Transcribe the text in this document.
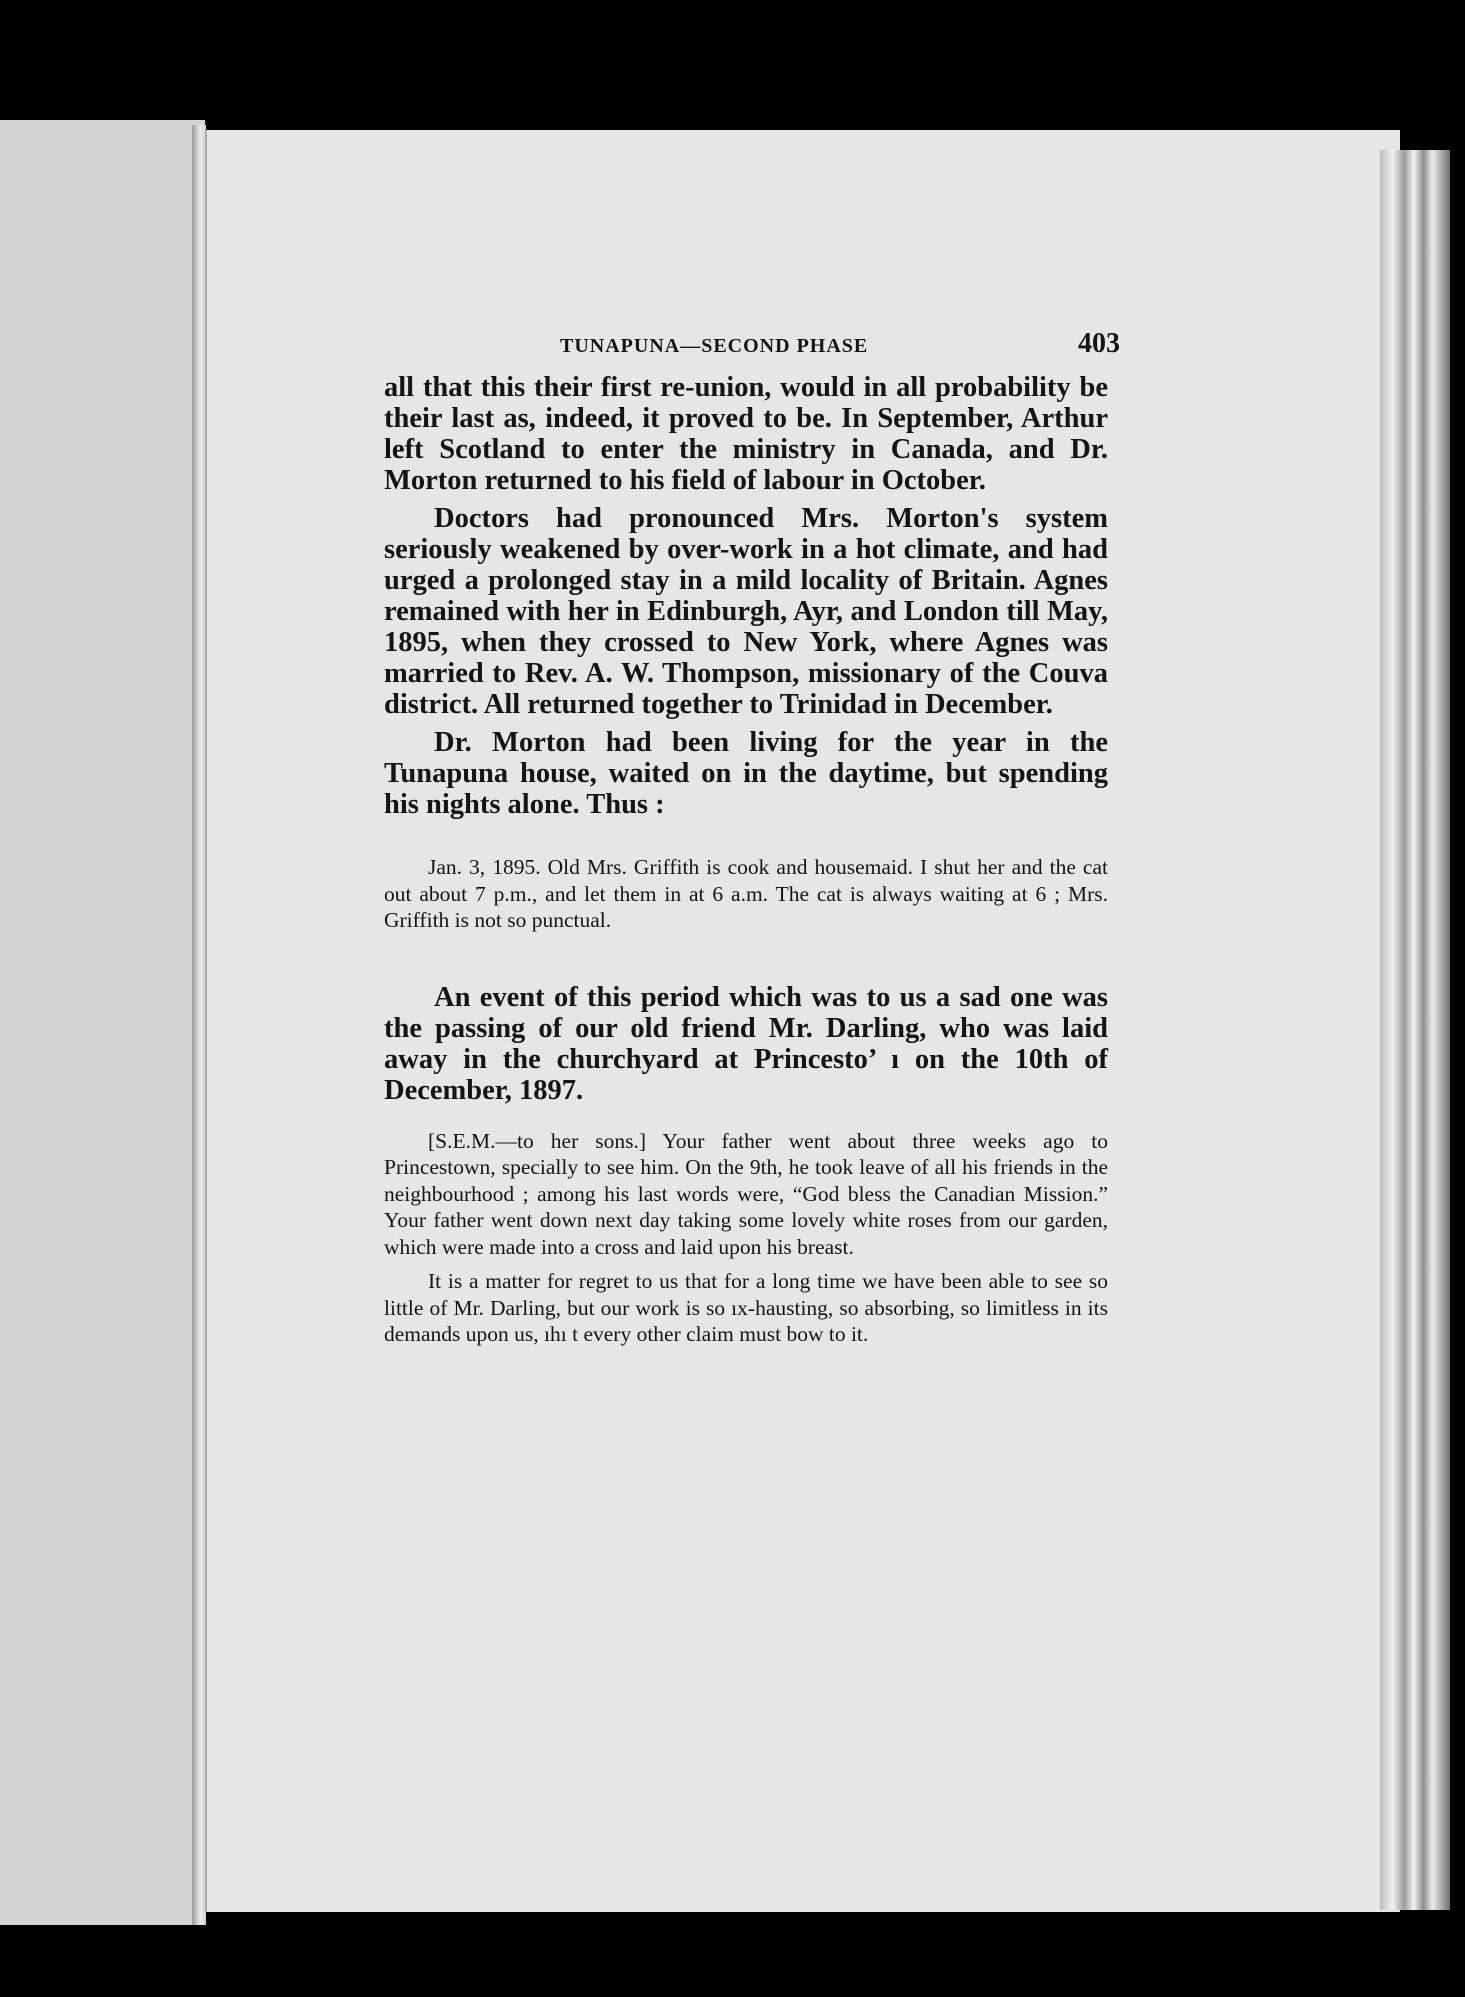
TUNAPUNA—SECOND PHASE	403

all that this their first re-union, would in all probability be their last as, indeed, it proved to be. In September, Arthur left Scotland to enter the ministry in Canada, and Dr. Morton returned to his field of labour in October.

Doctors had pronounced Mrs. Morton's system seriously weakened by over-work in a hot climate, and had urged a prolonged stay in a mild locality of Britain. Agnes remained with her in Edinburgh, Ayr, and London till May, 1895, when they crossed to New York, where Agnes was married to Rev. A. W. Thompson, missionary of the Couva district. All returned together to Trinidad in December.

Dr. Morton had been living for the year in the Tunapuna house, waited on in the daytime, but spending his nights alone. Thus :

Jan. 3, 1895. Old Mrs. Griffith is cook and housemaid. I shut her and the cat out about 7 p.m., and let them in at 6 a.m. The cat is always waiting at 6 ; Mrs. Griffith is not so punctual.

An event of this period which was to us a sad one was the passing of our old friend Mr. Darling, who was laid away in the churchyard at Princesto’ ı on the 10th of December, 1897.

[S.E.M.—to her sons.] Your father went about three weeks ago to Princestown, specially to see him. On the 9th, he took leave of all his friends in the neighbourhood ; among his last words were, “God bless the Canadian Mission.” Your father went down next day taking some lovely white roses from our garden, which were made into a cross and laid upon his breast.

It is a matter for regret to us that for a long time we have been able to see so little of Mr. Darling, but our work is so ıx-hausting, so absorbing, so limitless in its demands upon us, ıhı t every other claim must bow to it.
